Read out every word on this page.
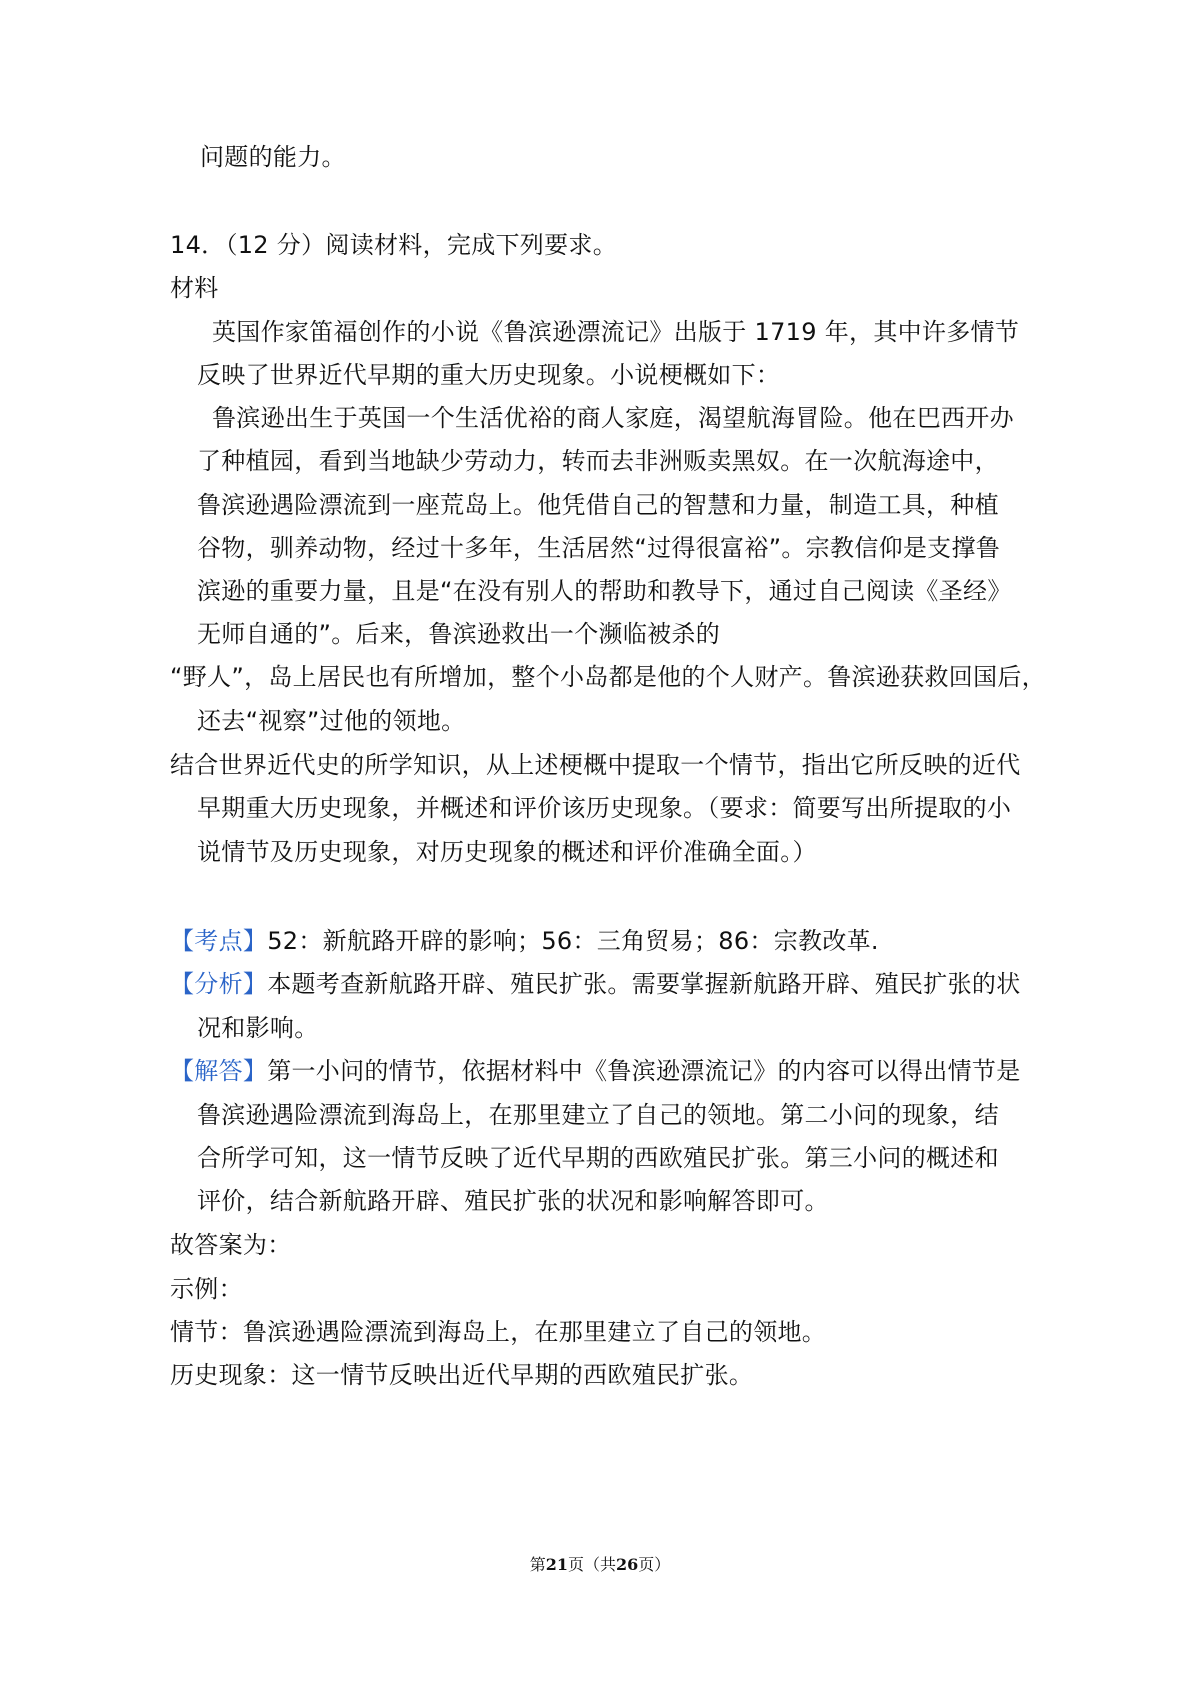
问题的能力。
14．（12 分）阅读材料，完成下列要求。
材料
英国作家笛福创作的小说《鲁滨逊漂流记》出版于 1719 年，其中许多情节
反映了世界近代早期的重大历史现象。小说梗概如下：
鲁滨逊出生于英国一个生活优裕的商人家庭，渴望航海冒险。他在巴西开办
了种植园，看到当地缺少劳动力，转而去非洲贩卖黑奴。在一次航海途中，
鲁滨逊遇险漂流到一座荒岛上。他凭借自己的智慧和力量，制造工具，种植
谷物，驯养动物，经过十多年，生活居然“过得很富裕”。宗教信仰是支撑鲁
滨逊的重要力量，且是“在没有别人的帮助和教导下，通过自己阅读《圣经》
无师自通的”。后来，鲁滨逊救出一个濒临被杀的
“野人”，岛上居民也有所增加，整个小岛都是他的个人财产。鲁滨逊获救回国后，
还去“视察”过他的领地。
结合世界近代史的所学知识，从上述梗概中提取一个情节，指出它所反映的近代
早期重大历史现象，并概述和评价该历史现象。（要求：简要写出所提取的小
说情节及历史现象，对历史现象的概述和评价准确全面。）
【考点】52：新航路开辟的影响；56：三角贸易；86：宗教改革.
【分析】本题考查新航路开辟、殖民扩张。需要掌握新航路开辟、殖民扩张的状
况和影响。
【解答】第一小问的情节，依据材料中《鲁滨逊漂流记》的内容可以得出情节是
鲁滨逊遇险漂流到海岛上，在那里建立了自己的领地。第二小问的现象，结
合所学可知，这一情节反映了近代早期的西欧殖民扩张。第三小问的概述和
评价，结合新航路开辟、殖民扩张的状况和影响解答即可。
故答案为：
示例：
情节：鲁滨逊遇险漂流到海岛上，在那里建立了自己的领地。
历史现象：这一情节反映出近代早期的西欧殖民扩张。
第21页（共26页）
